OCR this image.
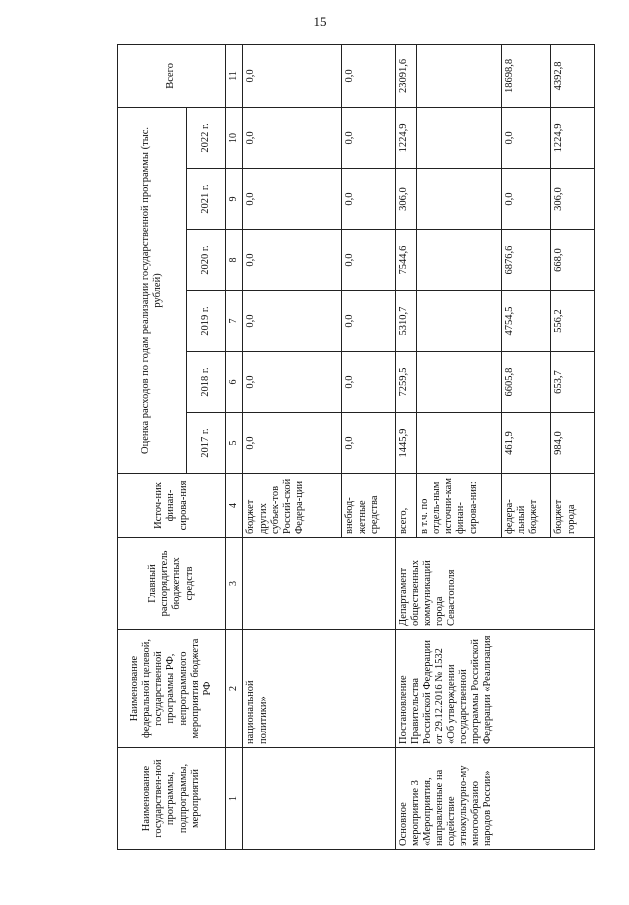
15
Наименование государствен-ной программы, подпрограммы, мероприятий	Наименование федеральной целевой, государственной программы РФ, непрограммного мероприятия бюджета РФ	Главный распорядитель бюджетных средств	Источ-ник финан-сирова-ния	Оценка расходов по годам реализации государственной программы (тыс. рублей)						Всего
				2017 г.	2018 г.	2019 г.	2020 г.	2021 г.	2022 г.	
1	2	3	4	5	6	7	8	9	10	11
	национальной политики»		бюджет других субъек-тов Россий-ской Федера-ции	0,0	0,0	0,0	0,0	0,0	0,0	0,0
			внебюд-жетные средства	0,0	0,0	0,0	0,0	0,0	0,0	0,0
Основное мероприятие 3 «Мероприятия, направленные на содействие этнокультурно-му многообразию народов России»	Постановление Правительства Российской Федерации от 29.12.2016 № 1532 «Об утверждении государственной программы Российской Федерации «Реализация	Департамент общественных коммуникаций города Севастополя	всего,	1445,9	7259,5	5310,7	7544,6	306,0	1224,9	23091,6
			в т.ч. по отдель-ным источни-кам финан-сирова-ния:							
			федера-льный бюджет	461,9	6605,8	4754,5	6876,6	0,0	0,0	18698,8
			бюджет города	984,0	653,7	556,2	668,0	306,0	1224,9	4392,8
